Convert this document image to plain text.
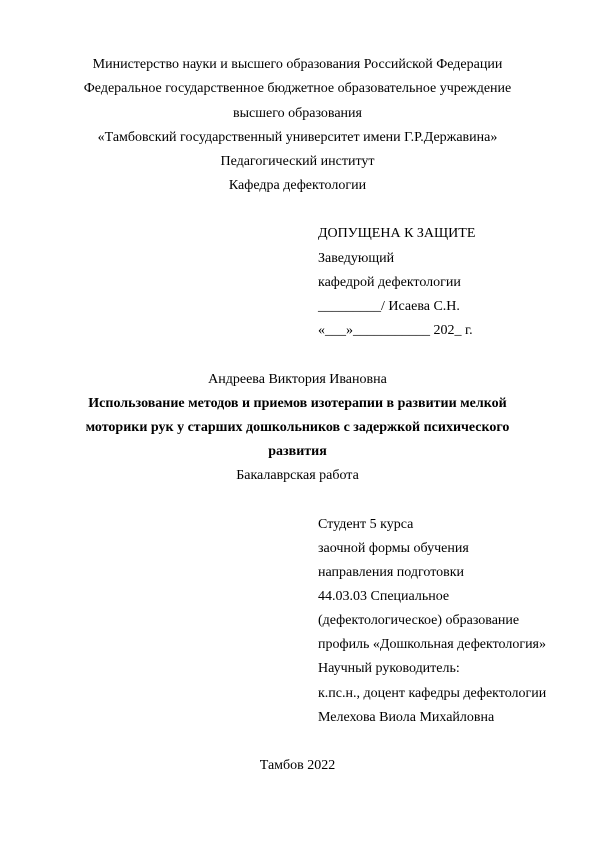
Министерство науки и высшего образования Российской Федерации
Федеральное государственное бюджетное образовательное учреждение
высшего образования
«Тамбовский государственный университет имени Г.Р.Державина»
Педагогический институт
Кафедра дефектологии
ДОПУЩЕНА К ЗАЩИТЕ
Заведующий
кафедрой дефектологии
_________/ Исаева С.Н.
«___»___________ 202_ г.
Андреева Виктория Ивановна
Использование методов и приемов изотерапии в развитии мелкой
моторики рук у старших дошкольников с задержкой психического
развития
Бакалаврская работа
Студент 5 курса
заочной формы обучения
направления подготовки
44.03.03 Специальное
(дефектологическое) образование
профиль «Дошкольная дефектология»
Научный руководитель:
к.пс.н., доцент кафедры дефектологии
Мелехова Виола Михайловна
Тамбов 2022
